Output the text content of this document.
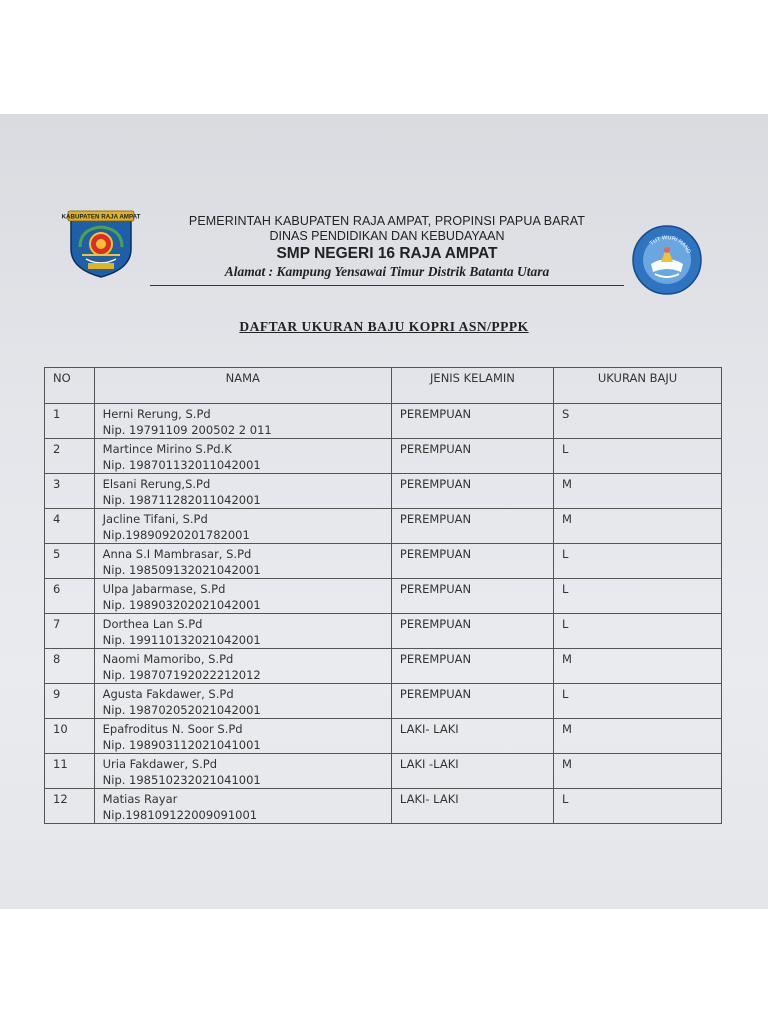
KABUPATEN RAJA AMPAT
TUT WURI HAND
PEMERINTAH KABUPATEN RAJA AMPAT, PROPINSI PAPUA BARAT
DINAS PENDIDIKAN DAN KEBUDAYAAN
SMP NEGERI 16 RAJA AMPAT
Alamat : Kampung Yensawai Timur Distrik Batanta Utara
DAFTAR UKURAN BAJU KOPRI ASN/PPPK
NO	NAMA	JENIS KELAMIN	UKURAN BAJU

1	Herni Rerung, S.Pd
Nip. 19791109 200502 2 011	PEREMPUAN	S

2	Martince Mirino S.Pd.K
Nip. 198701132011042001	PEREMPUAN	L

3	Elsani Rerung,S.Pd
Nip. 198711282011042001	PEREMPUAN	M

4	Jacline Tifani, S.Pd
Nip.19890920201782001	PEREMPUAN	M

5	Anna S.I Mambrasar, S.Pd
Nip. 198509132021042001	PEREMPUAN	L

6	Ulpa Jabarmase, S.Pd
Nip. 198903202021042001	PEREMPUAN	L

7	Dorthea Lan S.Pd
Nip. 199110132021042001	PEREMPUAN	L

8	Naomi Mamoribo, S.Pd
Nip. 198707192022212012	PEREMPUAN	M

9	Agusta Fakdawer, S.Pd
Nip. 198702052021042001	PEREMPUAN	L

10	Epafroditus N. Soor S.Pd
Nip. 198903112021041001	LAKI- LAKI	M

11	Uria Fakdawer, S.Pd
Nip. 198510232021041001	LAKI -LAKI	M

12	Matias Rayar
Nip.198109122009091001	LAKI- LAKI	L
